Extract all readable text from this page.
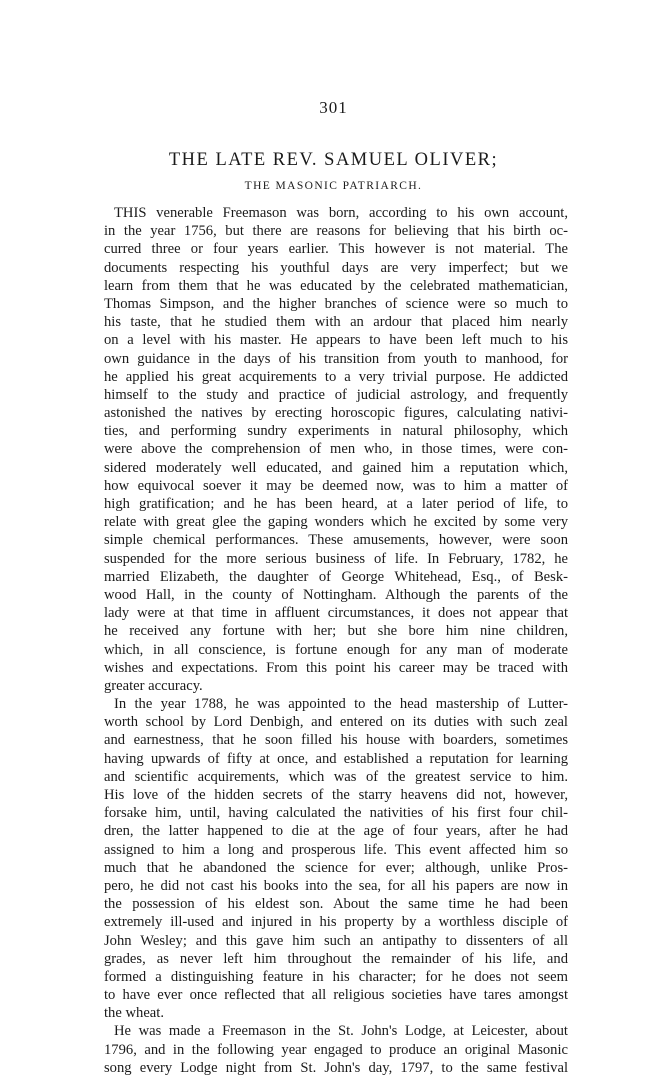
301
THE LATE REV. SAMUEL OLIVER;
THE MASONIC PATRIARCH.
THIS venerable Freemason was born, according to his own account,
in the year 1756, but there are reasons for believing that his birth oc-
curred three or four years earlier. This however is not material. The
documents respecting his youthful days are very imperfect; but we
learn from them that he was educated by the celebrated mathematician,
Thomas Simpson, and the higher branches of science were so much to
his taste, that he studied them with an ardour that placed him nearly
on a level with his master. He appears to have been left much to his
own guidance in the days of his transition from youth to manhood, for
he applied his great acquirements to a very trivial purpose. He addicted
himself to the study and practice of judicial astrology, and frequently
astonished the natives by erecting horoscopic figures, calculating nativi-
ties, and performing sundry experiments in natural philosophy, which
were above the comprehension of men who, in those times, were con-
sidered moderately well educated, and gained him a reputation which,
how equivocal soever it may be deemed now, was to him a matter of
high gratification; and he has been heard, at a later period of life, to
relate with great glee the gaping wonders which he excited by some very
simple chemical performances. These amusements, however, were soon
suspended for the more serious business of life. In February, 1782, he
married Elizabeth, the daughter of George Whitehead, Esq., of Besk-
wood Hall, in the county of Nottingham. Although the parents of the
lady were at that time in affluent circumstances, it does not appear that
he received any fortune with her; but she bore him nine children,
which, in all conscience, is fortune enough for any man of moderate
wishes and expectations. From this point his career may be traced with
greater accuracy.
In the year 1788, he was appointed to the head mastership of Lutter-
worth school by Lord Denbigh, and entered on its duties with such zeal
and earnestness, that he soon filled his house with boarders, sometimes
having upwards of fifty at once, and established a reputation for learning
and scientific acquirements, which was of the greatest service to him.
His love of the hidden secrets of the starry heavens did not, however,
forsake him, until, having calculated the nativities of his first four chil-
dren, the latter happened to die at the age of four years, after he had
assigned to him a long and prosperous life. This event affected him so
much that he abandoned the science for ever; although, unlike Pros-
pero, he did not cast his books into the sea, for all his papers are now in
the possession of his eldest son. About the same time he had been
extremely ill-used and injured in his property by a worthless disciple of
John Wesley; and this gave him such an antipathy to dissenters of all
grades, as never left him throughout the remainder of his life, and
formed a distinguishing feature in his character; for he does not seem
to have ever once reflected that all religious societies have tares amongst
the wheat.
He was made a Freemason in the St. John's Lodge, at Leicester, about
1796, and in the following year engaged to produce an original Masonic
song every Lodge night from St. John's day, 1797, to the same festival
